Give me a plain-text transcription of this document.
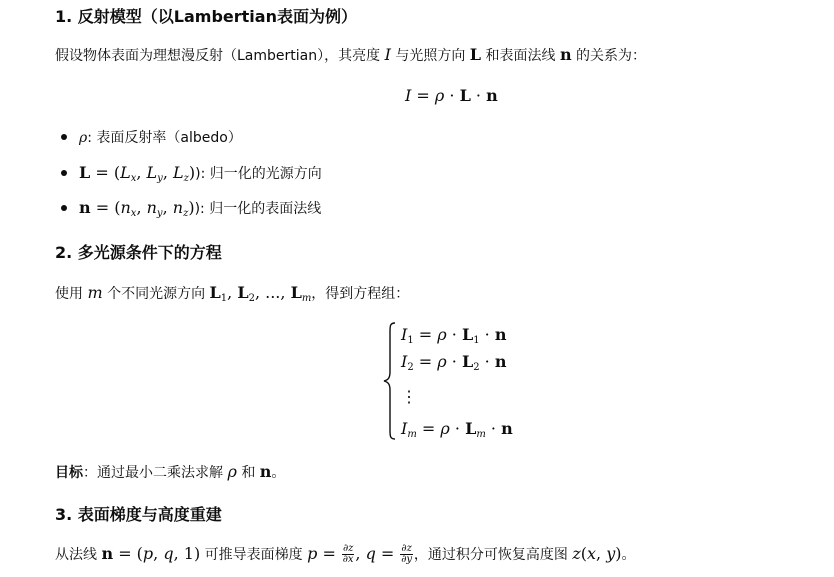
1. 反射模型（以Lambertian表面为例）
假设物体表面为理想漫反射（Lambertian），其亮度 I 与光照方向 L 和表面法线 n 的关系为：
I = ρ · L · n
ρ: 表面反射率（albedo）
$L = (L_x$, $L_y$, $L_z$)): 归一化的光源方向
$n = (n_x$, $n_y$, $n_z$)): 归一化的表面法线
2. 多光源条件下的方程
使用 m 个不同光源方向 $L_1$, $L_2$, ..., $L_m$，得到方程组：
$I_1 = \rho \cdot L_1 \cdot n$
$I_2 = \rho \cdot L_2 \cdot n$
⋮
$I_m = \rho \cdot L_m \cdot n$
目标：通过最小二乘法求解 ρ 和 n。
3. 表面梯度与高度重建
从法线 n = (p, q, 1) 可推导表面梯度 $p = \frac{\partial z}{\partial x}$ , $q = \frac{\partial z}{\partial y}$ ，通过积分可恢复高度图 z(x, y)。
